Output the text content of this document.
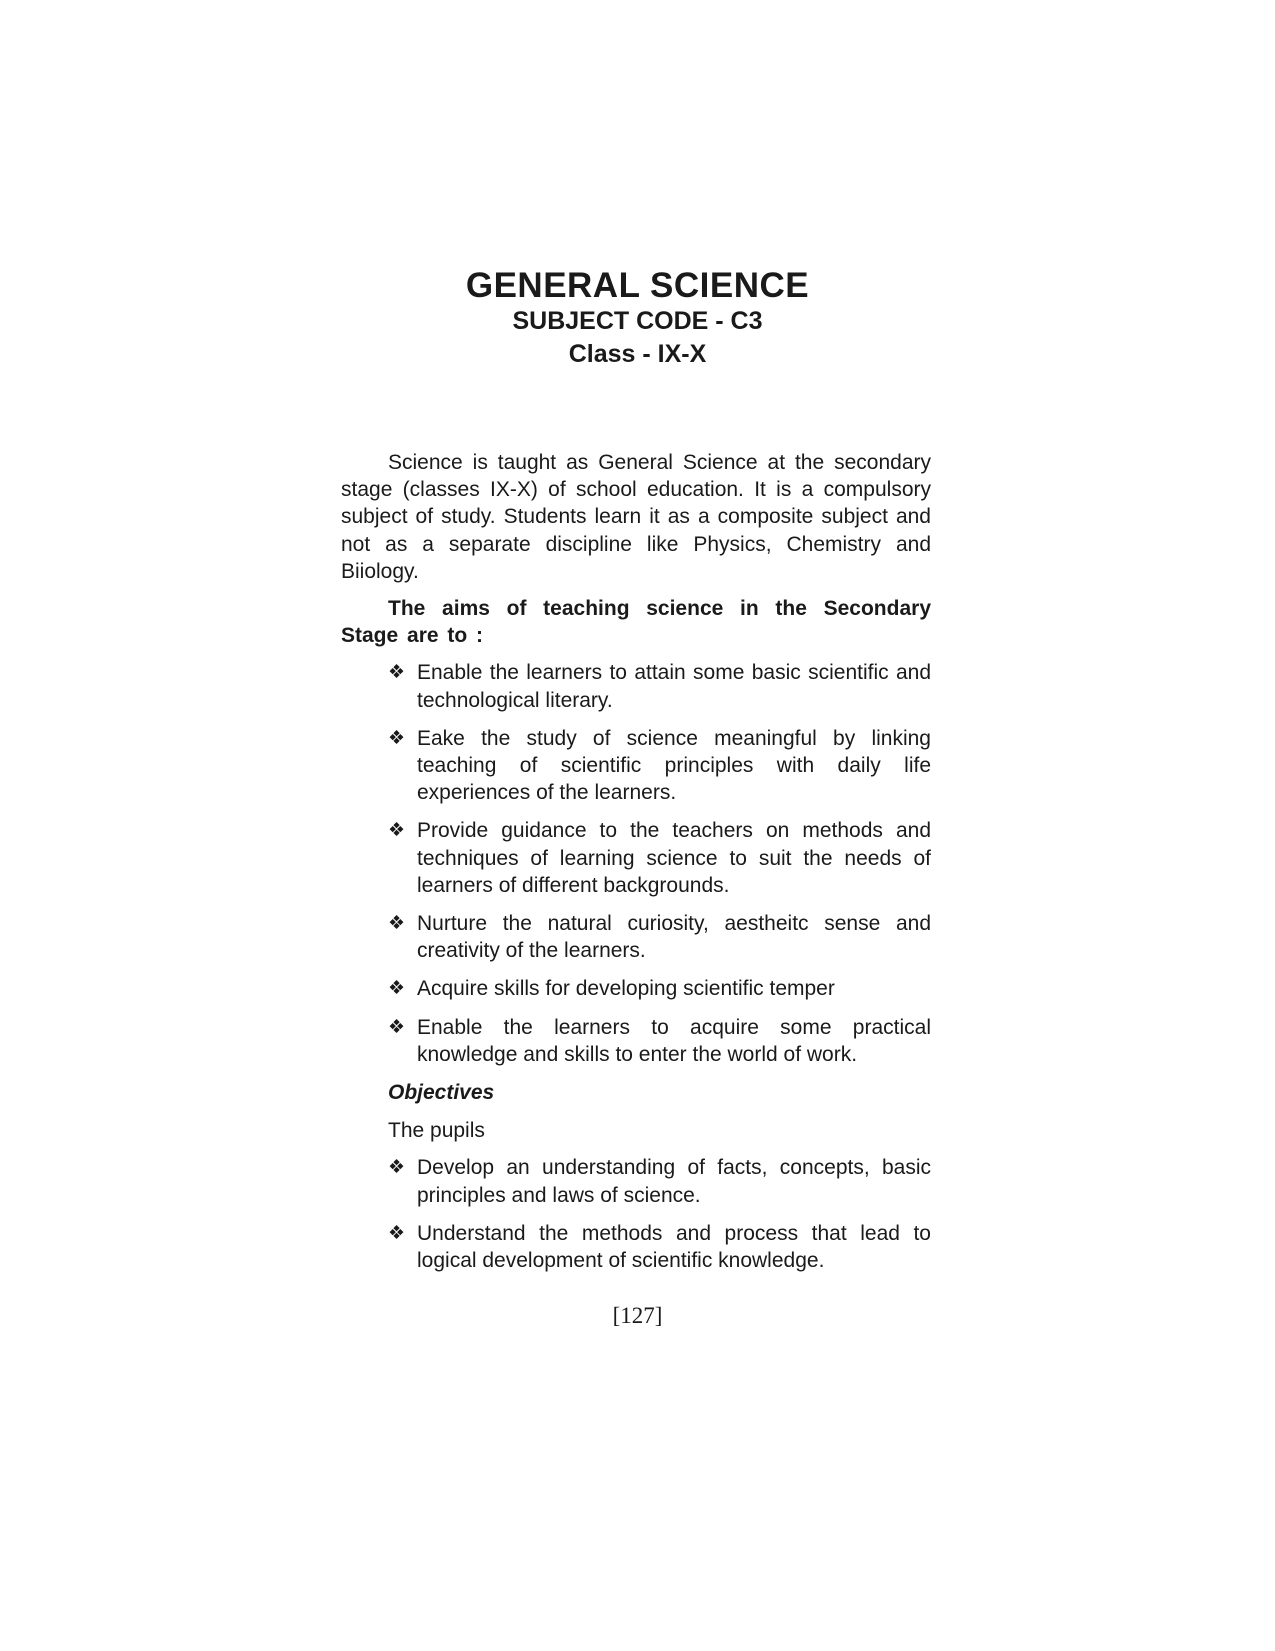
GENERAL SCIENCE
SUBJECT CODE - C3
Class - IX-X

Science is taught as General Science at the secondary stage (classes IX-X) of school education. It is a compulsory subject of study. Students learn it as a composite subject and not as a separate discipline like Physics, Chemistry and Biiology.

The aims of teaching science in the Secondary Stage are to :

❖ Enable the learners to attain some basic scientific and technological literary.
❖ Eake the study of science meaningful by linking teaching of scientific principles with daily life experiences of the learners.
❖ Provide guidance to the teachers on methods and techniques of learning science to suit the needs of learners of different backgrounds.
❖ Nurture the natural curiosity, aestheitc sense and creativity of the learners.
❖ Acquire skills for developing scientific temper
❖ Enable the learners to acquire some practical knowledge and skills to enter the world of work.

Objectives

The pupils

❖ Develop an understanding of facts, concepts, basic principles and laws of science.
❖ Understand the methods and process that lead to logical development of scientific knowledge.
[127]
